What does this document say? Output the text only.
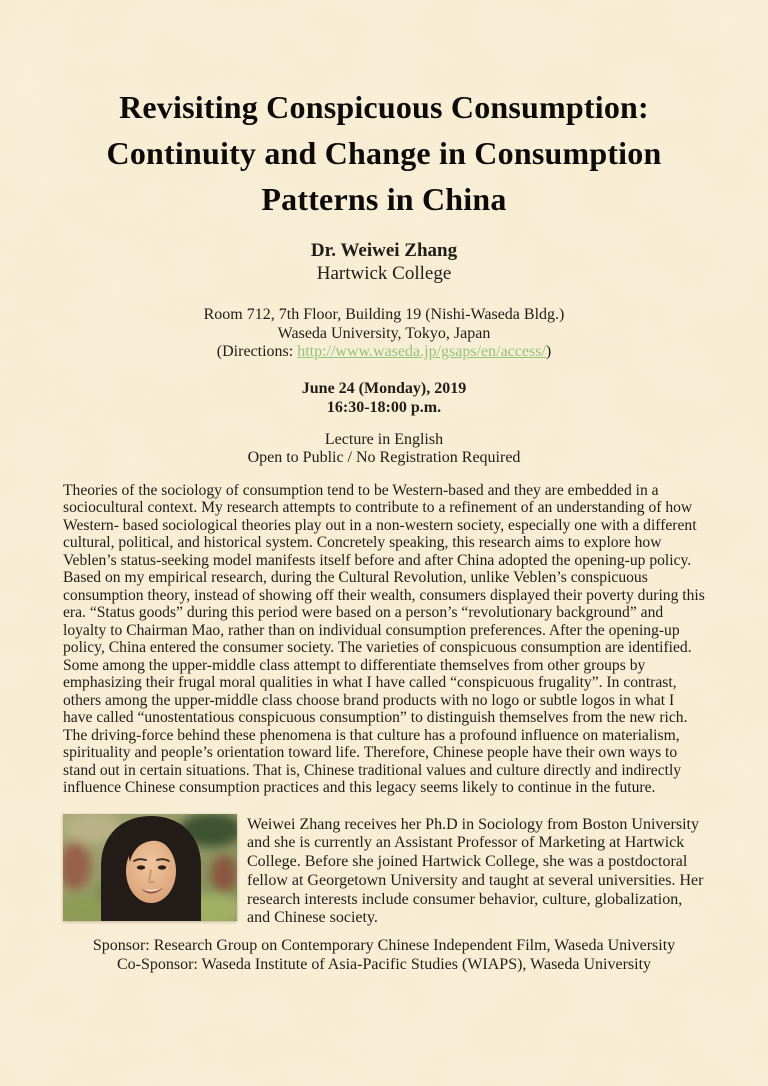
Revisiting Conspicuous Consumption:
Continuity and Change in Consumption
Patterns in China
Dr. Weiwei Zhang
Hartwick College
Room 712, 7th Floor, Building 19 (Nishi-Waseda Bldg.)
Waseda University, Tokyo, Japan
(Directions: http://www.waseda.jp/gsaps/en/access/)
June 24 (Monday), 2019
16:30-18:00 p.m.
Lecture in English
Open to Public / No Registration Required

Theories of the sociology of consumption tend to be Western-based and they are embedded in a sociocultural context. My research attempts to contribute to a refinement of an understanding of how Western- based sociological theories play out in a non-western society, especially one with a different cultural, political, and historical system. Concretely speaking, this research aims to explore how Veblen’s status-seeking model manifests itself before and after China adopted the opening-up policy. Based on my empirical research, during the Cultural Revolution, unlike Veblen’s conspicuous consumption theory, instead of showing off their wealth, consumers displayed their poverty during this era. “Status goods” during this period were based on a person’s “revolutionary background” and loyalty to Chairman Mao, rather than on individual consumption preferences. After the opening-up policy, China entered the consumer society. The varieties of conspicuous consumption are identified. Some among the upper-middle class attempt to differentiate themselves from other groups by emphasizing their frugal moral qualities in what I have called “conspicuous frugality”. In contrast, others among the upper-middle class choose brand products with no logo or subtle logos in what I have called “unostentatious conspicuous consumption” to distinguish themselves from the new rich. The driving-force behind these phenomena is that culture has a profound influence on materialism, spirituality and people’s orientation toward life. Therefore, Chinese people have their own ways to stand out in certain situations. That is, Chinese traditional values and culture directly and indirectly influence Chinese consumption practices and this legacy seems likely to continue in the future.

Weiwei Zhang receives her Ph.D in Sociology from Boston University and she is currently an Assistant Professor of Marketing at Hartwick College. Before she joined Hartwick College, she was a postdoctoral fellow at Georgetown University and taught at several universities. Her research interests include consumer behavior, culture, globalization, and Chinese society.

Sponsor: Research Group on Contemporary Chinese Independent Film, Waseda University
Co-Sponsor: Waseda Institute of Asia-Pacific Studies (WIAPS), Waseda University
